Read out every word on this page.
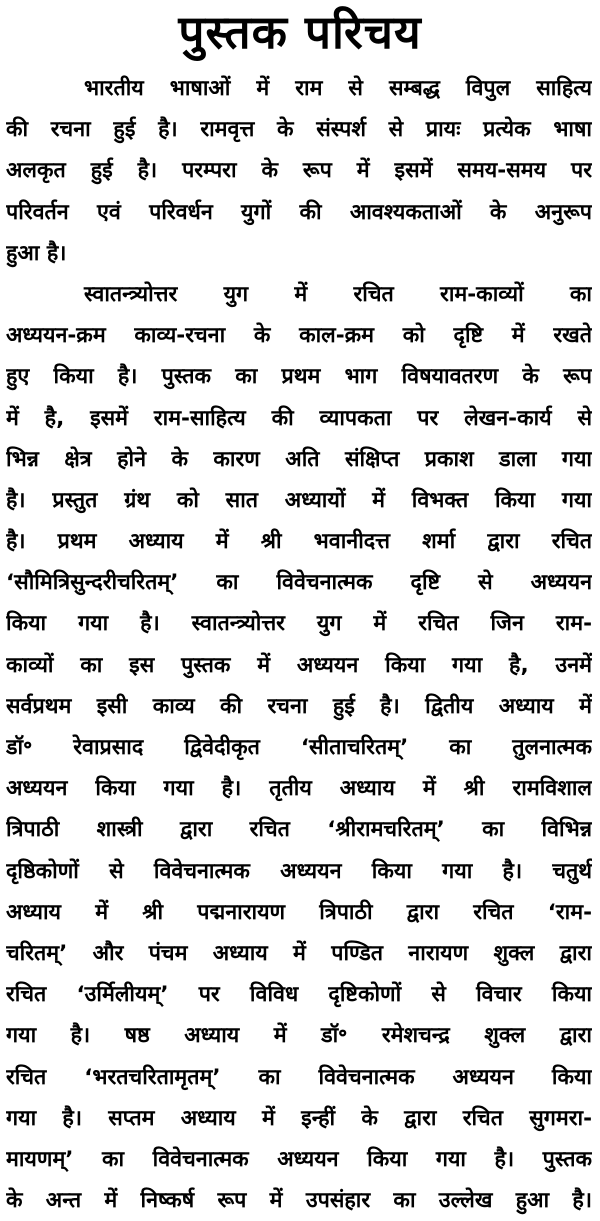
पुस्तक परिचय
भारतीय भाषाओं में राम से सम्बद्ध विपुल साहित्य
की रचना हुई है। रामवृत्त के संस्पर्श से प्रायः प्रत्येक भाषा
अलकृत हुई है। परम्परा के रूप में इसमें समय-समय पर
परिवर्तन एवं परिवर्धन युगों की आवश्यकताओं के अनुरूप
हुआ है।
स्वातन्त्र्योत्तर युग में रचित राम-काव्यों का
अध्ययन-क्रम काव्य-रचना के काल-क्रम को दृष्टि में रखते
हुए किया है। पुस्तक का प्रथम भाग विषयावतरण के रूप
में है, इसमें राम-साहित्य की व्यापकता पर लेखन-कार्य से
भिन्न क्षेत्र होने के कारण अति संक्षिप्त प्रकाश डाला गया
है। प्रस्तुत ग्रंथ को सात अध्यायों में विभक्त किया गया
है। प्रथम अध्याय में श्री भवानीदत्त शर्मा द्वारा रचित
‘सौमित्रिसुन्दरीचरितम्’ का विवेचनात्मक दृष्टि से अध्ययन
किया गया है। स्वातन्त्र्योत्तर युग में रचित जिन राम-
काव्यों का इस पुस्तक में अध्ययन किया गया है, उनमें
सर्वप्रथम इसी काव्य की रचना हुई है। द्वितीय अध्याय में
डॉ॰ रेवाप्रसाद द्विवेदीकृत ‘सीताचरितम्’ का तुलनात्मक
अध्ययन किया गया है। तृतीय अध्याय में श्री रामविशाल
त्रिपाठी शास्त्री द्वारा रचित ‘श्रीरामचरितम्’ का विभिन्न
दृष्ठिकोणों से विवेचनात्मक अध्ययन किया गया है। चतुर्थ
अध्याय में श्री पद्मनारायण त्रिपाठी द्वारा रचित ‘राम-
चरितम्’ और पंचम अध्याय में पण्डित नारायण शुक्ल द्वारा
रचित ‘उर्मिलीयम्’ पर विविध दृष्टिकोणों से विचार किया
गया है। षष्ठ अध्याय में डॉ॰ रमेशचन्द्र शुक्ल द्वारा
रचित ‘भरतचरितामृतम्’ का विवेचनात्मक अध्ययन किया
गया है। सप्तम अध्याय में इन्हीं के द्वारा रचित सुगमरा-
मायणम्’ का विवेचनात्मक अध्ययन किया गया है। पुस्तक
के अन्त में निष्कर्ष रूप में उपसंहार का उल्लेख हुआ है।
